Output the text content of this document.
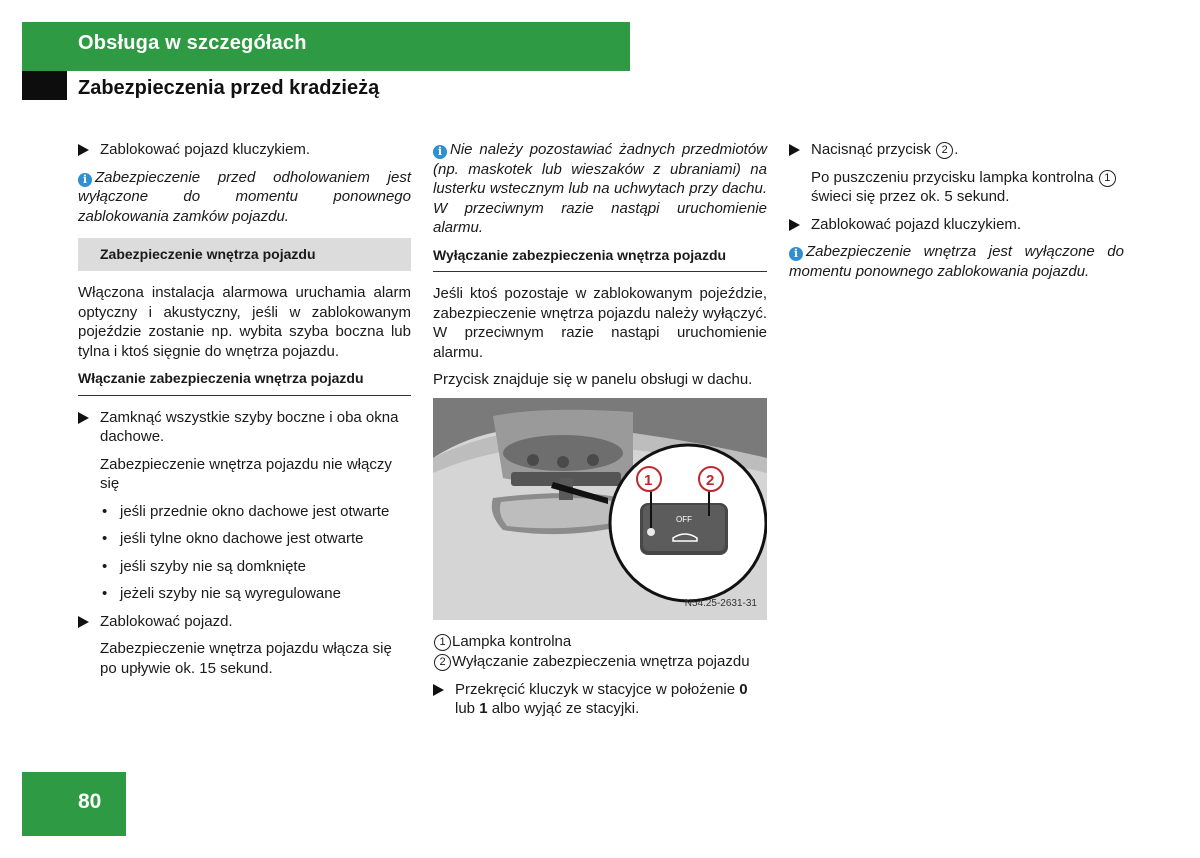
Obsługa w szczegółach
Zabezpieczenia przed kradzieżą
Zablokować pojazd kluczykiem.
i Zabezpieczenie przed odholowaniem jest wyłączone do momentu ponownego zablokowania zamków pojazdu.
Zabezpieczenie wnętrza pojazdu
Włączona instalacja alarmowa uruchamia alarm optyczny i akustyczny, jeśli w zablokowanym pojeździe zostanie np. wybita szyba boczna lub tylna i ktoś sięgnie do wnętrza pojazdu.
Włączanie zabezpieczenia wnętrza pojazdu
Zamknąć wszystkie szyby boczne i oba okna dachowe.
Zabezpieczenie wnętrza pojazdu nie włączy się
• jeśli przednie okno dachowe jest otwarte
• jeśli tylne okno dachowe jest otwarte
• jeśli szyby nie są domknięte
• jeżeli szyby nie są wyregulowane
Zablokować pojazd.
Zabezpieczenie wnętrza pojazdu włącza się po upływie ok. 15 sekund.
i Nie należy pozostawiać żadnych przedmiotów (np. maskotek lub wieszaków z ubraniami) na lusterku wstecznym lub na uchwytach przy dachu. W przeciwnym razie nastąpi uruchomienie alarmu.
Wyłączanie zabezpieczenia wnętrza pojazdu
Jeśli ktoś pozostaje w zablokowanym pojeździe, zabezpieczenie wnętrza pojazdu należy wyłączyć. W przeciwnym razie nastąpi uruchomienie alarmu.
Przycisk znajduje się w panelu obsługi w dachu.
OFF
1	2
N54.25-2631-31
1 Lampka kontrolna
2 Wyłączanie zabezpieczenia wnętrza pojazdu
Przekręcić kluczyk w stacyjce w położenie 0 lub 1 albo wyjąć ze stacyjki.
Nacisnąć przycisk 2 .
Po puszczeniu przycisku lampka kontrolna 1 świeci się przez ok. 5 sekund.
Zablokować pojazd kluczykiem.
i Zabezpieczenie wnętrza jest wyłączone do momentu ponownego zablokowania pojazdu.
80
